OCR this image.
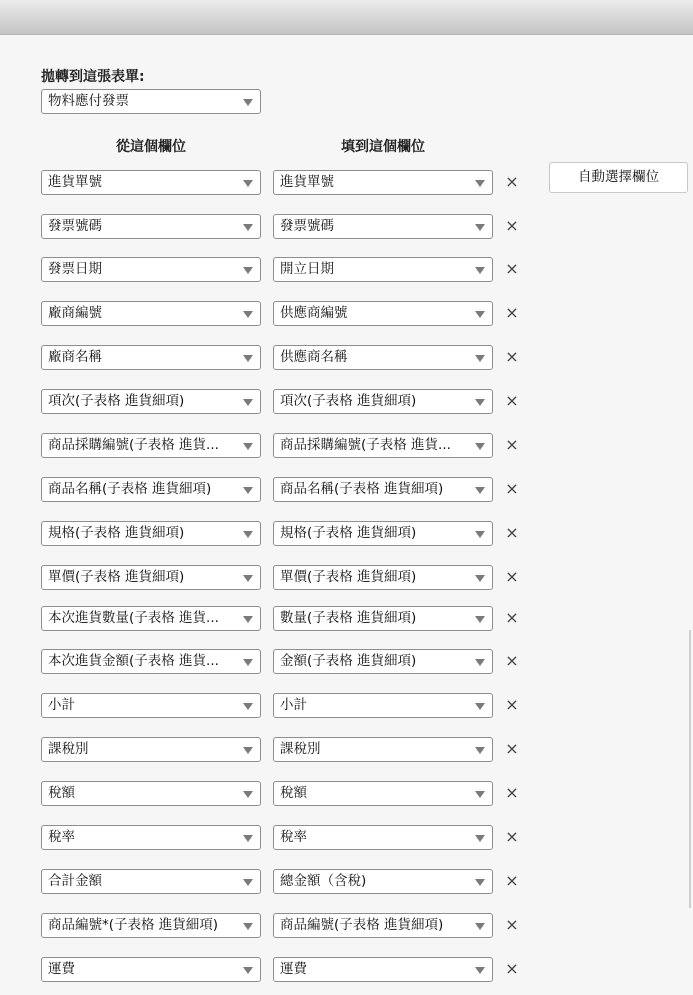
拋轉到這張表單:
物料應付發票
從這個欄位	填到這個欄位
自動選擇欄位
進貨單號	進貨單號	×
發票號碼	發票號碼	×
發票日期	開立日期	×
廠商編號	供應商編號	×
廠商名稱	供應商名稱	×
項次(子表格 進貨細項)	項次(子表格 進貨細項)	×
商品採購編號(子表格 進貨...	商品採購編號(子表格 進貨...	×
商品名稱(子表格 進貨細項)	商品名稱(子表格 進貨細項)	×
規格(子表格 進貨細項)	規格(子表格 進貨細項)	×
單價(子表格 進貨細項)	單價(子表格 進貨細項)	×
本次進貨數量(子表格 進貨...	數量(子表格 進貨細項)	×
本次進貨金額(子表格 進貨...	金額(子表格 進貨細項)	×
小計	小計	×
課稅別	課稅別	×
稅額	稅額	×
稅率	稅率	×
合計金額	總金額（含稅)	×
商品編號*(子表格 進貨細項)	商品編號(子表格 進貨細項)	×
運費	運費	×
